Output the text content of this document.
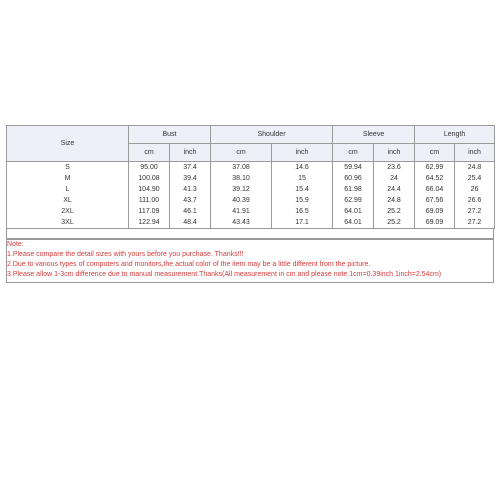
Size	Bust		Shoulder		Sleeve		Length	
	cm	inch	cm	inch	cm	inch	cm	inch
S	95.00	37.4	37.08	14.6	59.94	23.6	62.99	24.8
M	100.08	39.4	38.10	15	60.96	24	64.52	25.4
L	104.90	41.3	39.12	15.4	61.98	24.4	66.04	26
XL	111.00	43.7	40.39	15.9	62.99	24.8	67.56	26.6
2XL	117.09	46.1	41.91	16.5	64.01	25.2	69.09	27.2
3XL	122.94	48.4	43.43	17.1	64.01	25.2	69.09	27.2
Note:
1.Please compare the detail sizes with yours before you purchase. Thanks!!!
2.Due to various types of computers and monitors,the actual color of the item may be a little different from the picture.
3.Please allow 1-3cm difference due to manual measurement.Thanks(All measurement in cm and please note 1cm=0.39inch 1inch=2.54cm)
